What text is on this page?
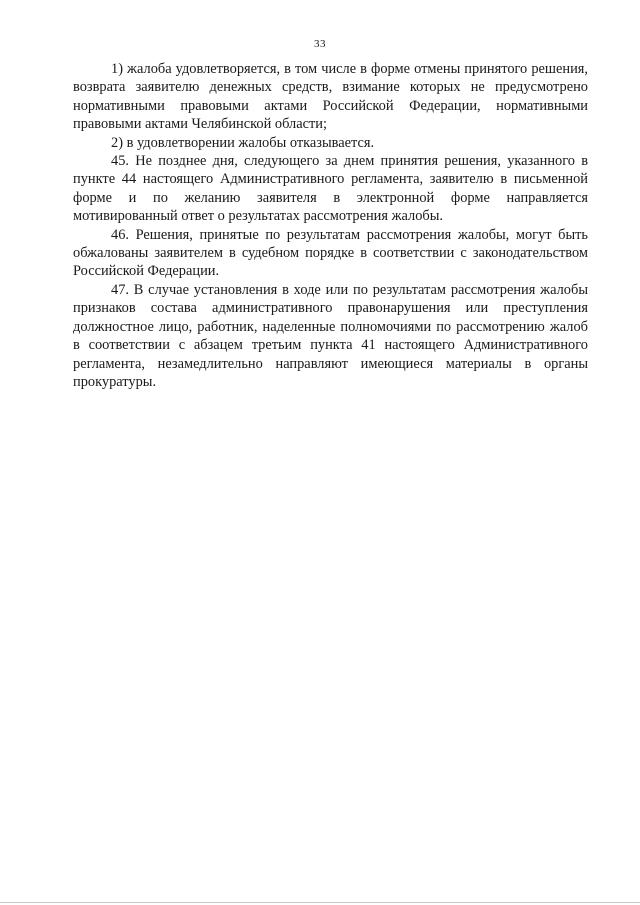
33

1) жалоба удовлетворяется, в том числе в форме отмены принятого решения, возврата заявителю денежных средств, взимание которых не предусмотрено нормативными правовыми актами Российской Федерации, нормативными правовыми актами Челябинской области;

2) в удовлетворении жалобы отказывается.

45. Не позднее дня, следующего за днем принятия решения, указанного в пункте 44 настоящего Административного регламента, заявителю в письменной форме и по желанию заявителя в электронной форме направляется мотивированный ответ о результатах рассмотрения жалобы.

46. Решения, принятые по результатам рассмотрения жалобы, могут быть обжалованы заявителем в судебном порядке в соответствии с законодательством Российской Федерации.

47. В случае установления в ходе или по результатам рассмотрения жалобы признаков состава административного правонарушения или преступления должностное лицо, работник, наделенные полномочиями по рассмотрению жалоб в соответствии с абзацем третьим пункта 41 настоящего Административного регламента, незамедлительно направляют имеющиеся материалы в органы прокуратуры.
